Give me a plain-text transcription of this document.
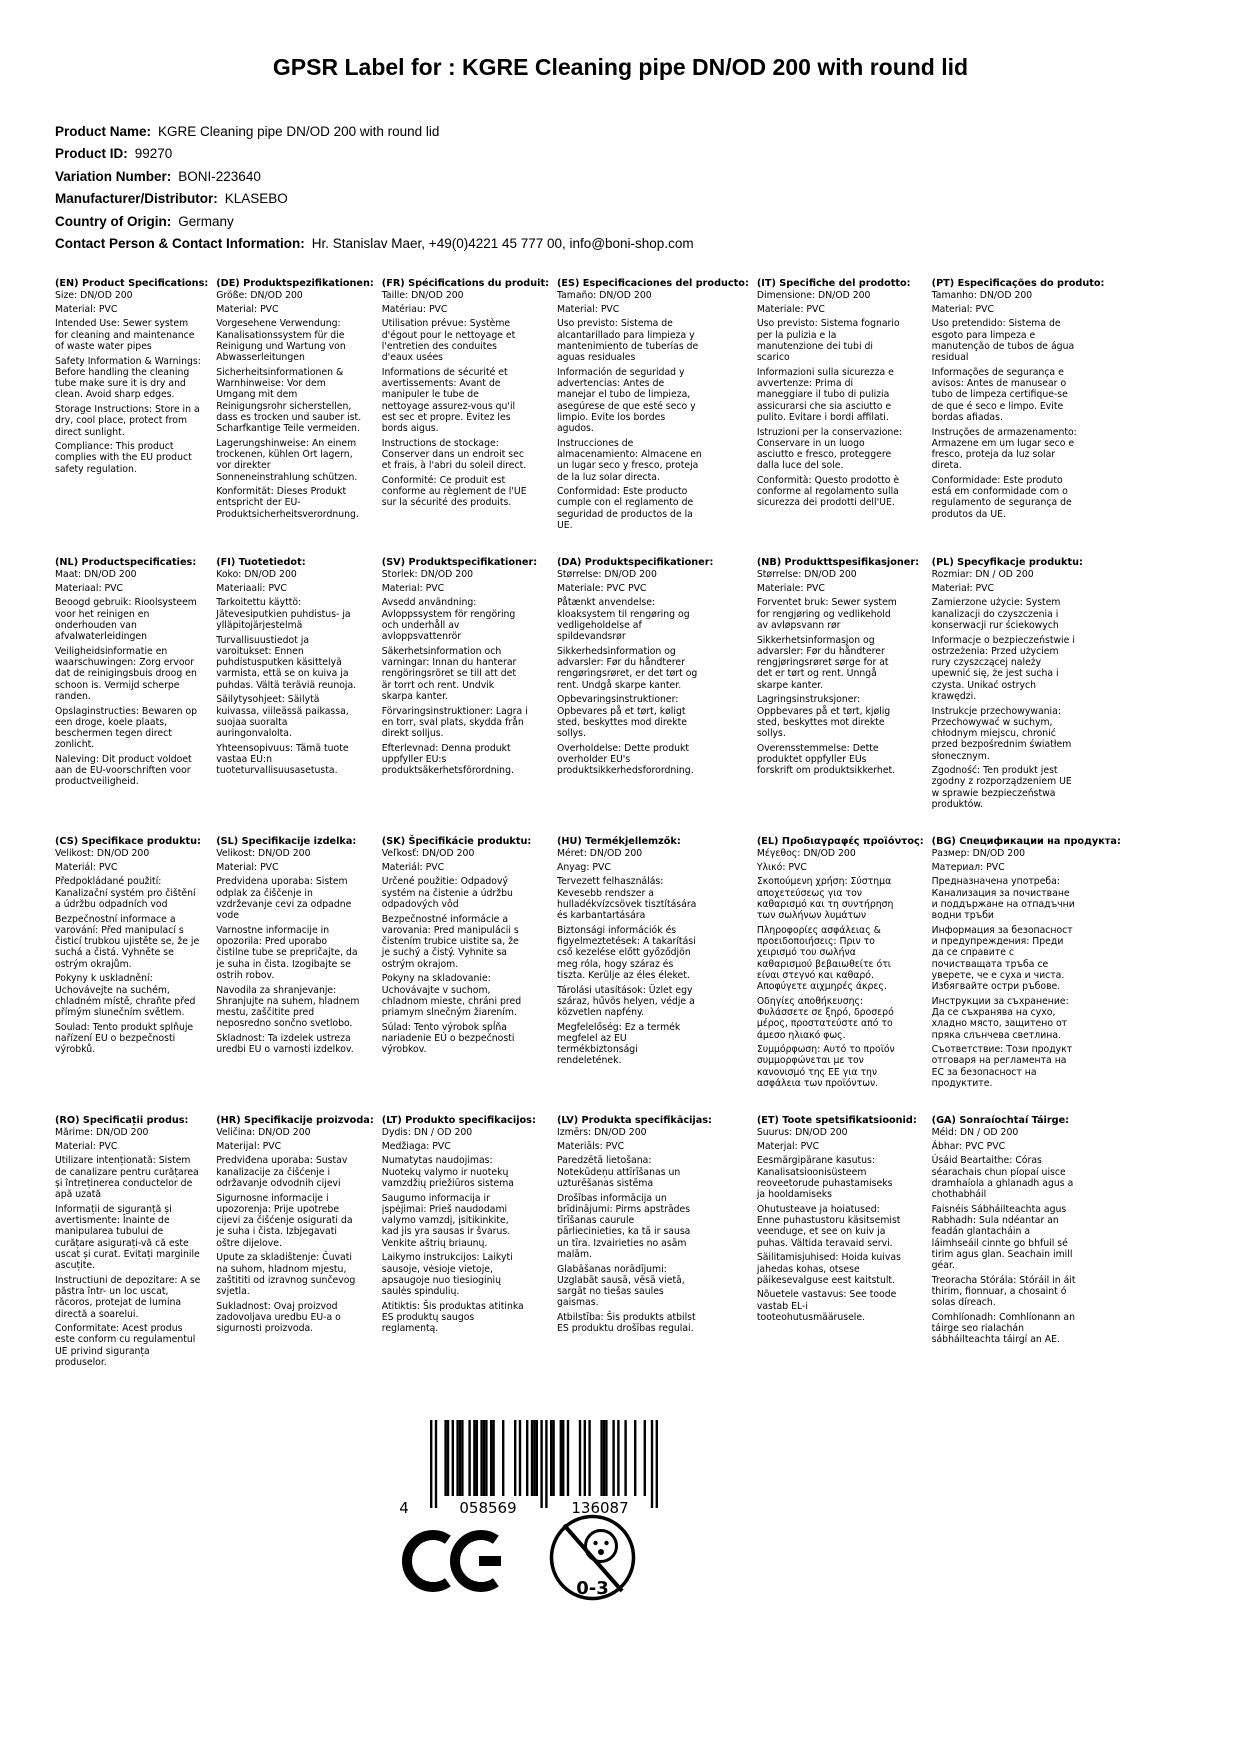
GPSR Label for : KGRE Cleaning pipe DN/OD 200 with round lid
Product Name: KGRE Cleaning pipe DN/OD 200 with round lid
Product ID: 99270
Variation Number: BONI-223640
Manufacturer/Distributor: KLASEBO
Country of Origin: Germany
Contact Person & Contact Information: Hr. Stanislav Maer, +49(0)4221 45 777 00, info@boni-shop.com
(EN) Product Specifications:
Size: DN/OD 200
Material: PVC
Intended Use: Sewer system for cleaning and maintenance of waste water pipes
Safety Information & Warnings: Before handling the cleaning tube make sure it is dry and clean. Avoid sharp edges.
Storage Instructions: Store in a dry, cool place, protect from direct sunlight.
Compliance: This product complies with the EU product safety regulation.
(DE) Produktspezifikationen:
Größe: DN/OD 200
Material: PVC
Vorgesehene Verwendung: Kanalisationssystem für die Reinigung und Wartung von Abwasserleitungen
Sicherheitsinformationen & Warnhinweise: Vor dem Umgang mit dem Reinigungsrohr sicherstellen, dass es trocken und sauber ist. Scharfkantige Teile vermeiden.
Lagerungshinweise: An einem trockenen, kühlen Ort lagern, vor direkter Sonneneinstrahlung schützen.
Konformität: Dieses Produkt entspricht der EU-Produktsicherheitsverordnung.
(FR) Spécifications du produit:
Taille: DN/OD 200
Matériau: PVC
Utilisation prévue: Système d'égout pour le nettoyage et l'entretien des conduites d'eaux usées
Informations de sécurité et avertissements: Avant de manipuler le tube de nettoyage assurez-vous qu'il est sec et propre. Évitez les bords aigus.
Instructions de stockage: Conserver dans un endroit sec et frais, à l'abri du soleil direct.
Conformité: Ce produit est conforme au règlement de l'UE sur la sécurité des produits.
(ES) Especificaciones del producto:
Tamaño: DN/OD 200
Material: PVC
Uso previsto: Sistema de alcantarillado para limpieza y mantenimiento de tuberías de aguas residuales
Información de seguridad y advertencias: Antes de manejar el tubo de limpieza, asegúrese de que esté seco y limpio. Evite los bordes agudos.
Instrucciones de almacenamiento: Almacene en un lugar seco y fresco, proteja de la luz solar directa.
Conformidad: Este producto cumple con el reglamento de seguridad de productos de la UE.
(IT) Specifiche del prodotto:
Dimensione: DN/OD 200
Materiale: PVC
Uso previsto: Sistema fognario per la pulizia e la manutenzione dei tubi di scarico
Informazioni sulla sicurezza e avvertenze: Prima di maneggiare il tubo di pulizia assicurarsi che sia asciutto e pulito. Evitare i bordi affilati.
Istruzioni per la conservazione: Conservare in un luogo asciutto e fresco, proteggere dalla luce del sole.
Conformità: Questo prodotto è conforme al regolamento sulla sicurezza dei prodotti dell'UE.
(PT) Especificações do produto:
Tamanho: DN/OD 200
Material: PVC
Uso pretendido: Sistema de esgoto para limpeza e manutenção de tubos de água residual
Informações de segurança e avisos: Antes de manusear o tubo de limpeza certifique-se de que é seco e limpo. Evite bordas afiadas.
Instruções de armazenamento: Armazene em um lugar seco e fresco, proteja da luz solar direta.
Conformidade: Este produto está em conformidade com o regulamento de segurança de produtos da UE.
(NL) Productspecificaties:
Maat: DN/OD 200
Materiaal: PVC
Beoogd gebruik: Rioolsysteem voor het reinigen en onderhouden van afvalwaterleidingen
Veiligheidsinformatie en waarschuwingen: Zorg ervoor dat de reinigingsbuis droog en schoon is. Vermijd scherpe randen.
Opslaginstructies: Bewaren op een droge, koele plaats, beschermen tegen direct zonlicht.
Naleving: Dit product voldoet aan de EU-voorschriften voor productveiligheid.
(FI) Tuotetiedot:
Koko: DN/OD 200
Materiaali: PVC
Tarkoitettu käyttö: Jätevesiputkien puhdistus- ja ylläpitojärjestelmä
Turvallisuustiedot ja varoitukset: Ennen puhdistusputken käsittelyä varmista, että se on kuiva ja puhdas. Vältä teräviä reunoja.
Säilytysohjeet: Säilytä kuivassa, viileässä paikassa, suojaa suoralta auringonvalolta.
Yhteensopivuus: Tämä tuote vastaa EU:n tuoteturvallisuusasetusta.
(SV) Produktspecifikationer:
Storlek: DN/OD 200
Material: PVC
Avsedd användning: Avloppssystem för rengöring och underhåll av avloppsvattenrör
Säkerhetsinformation och varningar: Innan du hanterar rengöringsröret se till att det är torrt och rent. Undvik skarpa kanter.
Förvaringsinstruktioner: Lagra i en torr, sval plats, skydda från direkt solljus.
Efterlevnad: Denna produkt uppfyller EU:s produktsäkerhetsförordning.
(DA) Produktspecifikationer:
Størrelse: DN/OD 200
Materiale: PVC PVC
Påtænkt anvendelse: kloaksystem til rengøring og vedligeholdelse af spildevandsrør
Sikkerhedsinformation og advarsler: Før du håndterer rengøringsrøret, er det tørt og rent. Undgå skarpe kanter.
Opbevaringsinstruktioner: Opbevares på et tørt, køligt sted, beskyttes mod direkte sollys.
Overholdelse: Dette produkt overholder EU's produktsikkerhedsforordning.
(NB) Produkttspesifikasjoner:
Størrelse: DN/OD 200
Materiale: PVC
Forventet bruk: Sewer system for rengjøring og vedlikehold av avløpsvann rør
Sikkerhetsinformasjon og advarsler: Før du håndterer rengjøringsrøret sørge for at det er tørt og rent. Unngå skarpe kanter.
Lagringsinstruksjoner: Oppbevares på et tørt, kjølig sted, beskyttes mot direkte sollys.
Overensstemmelse: Dette produktet oppfyller EUs forskrift om produktsikkerhet.
(PL) Specyfikacje produktu:
Rozmiar: DN / OD 200
Materiał: PVC
Zamierzone użycie: System kanalizacji do czyszczenia i konserwacji rur ściekowych
Informacje o bezpieczeństwie i ostrzeżenia: Przed użyciem rury czyszczącej należy upewnić się, że jest sucha i czysta. Unikać ostrych krawędzi.
Instrukcje przechowywania: Przechowywać w suchym, chłodnym miejscu, chronić przed bezpośrednim światłem słonecznym.
Zgodność: Ten produkt jest zgodny z rozporządzeniem UE w sprawie bezpieczeństwa produktów.
(CS) Specifikace produktu:
Velikost: DN/OD 200
Materiál: PVC
Předpokládané použití: Kanalizační systém pro čištění a údržbu odpadních vod
Bezpečnostní informace a varování: Před manipulací s čisticí trubkou ujistěte se, že je suchá a čistá. Vyhněte se ostrým okrajům.
Pokyny k uskladnění: Uchovávejte na suchém, chladném místě, chraňte před přímým slunečním světlem.
Soulad: Tento produkt splňuje nařízení EU o bezpečnosti výrobků.
(SL) Specifikacije izdelka:
Velikost: DN/OD 200
Material: PVC
Predvidena uporaba: Sistem odplak za čiščenje in vzdrževanje cevi za odpadne vode
Varnostne informacije in opozorila: Pred uporabo čistilne tube se prepričajte, da je suha in čista. Izogibajte se ostrih robov.
Navodila za shranjevanje: Shranjujte na suhem, hladnem mestu, zaščitite pred neposredno sončno svetlobo.
Skladnost: Ta izdelek ustreza uredbi EU o varnosti izdelkov.
(SK) Špecifikácie produktu:
Veľkosť: DN/OD 200
Materiál: PVC
Určené použitie: Odpadový systém na čistenie a údržbu odpadových vôd
Bezpečnostné informácie a varovania: Pred manipulácii s čistením trubice uistite sa, že je suchý a čistý. Vyhnite sa ostrým okrajom.
Pokyny na skladovanie: Uchovávajte v suchom, chladnom mieste, chráni pred priamym slnečným žiarením.
Súlad: Tento výrobok spĺňa nariadenie EÚ o bezpečnosti výrobkov.
(HU) Termékjellemzők:
Méret: DN/OD 200
Anyag: PVC
Tervezett felhasználás: Kevesebb rendszer a hulladékvízcsövek tisztítására és karbantartására
Biztonsági információk és figyelmeztetések: A takarítási cső kezelése előtt győződjön meg róla, hogy száraz és tiszta. Kerülje az éles éleket.
Tárolási utasítások: Üzlet egy száraz, hűvös helyen, védje a közvetlen napfény.
Megfelelőség: Ez a termék megfelel az EU termékbiztonsági rendeletének.
(EL) Προδιαγραφές προϊόντος:
Μέγεθος: DN/OD 200
Υλικό: PVC
Σκοπούμενη χρήση: Σύστημα αποχετεύσεως για τον καθαρισμό και τη συντήρηση των σωλήνων λυμάτων
Πληροφορίες ασφάλειας & προειδοποιήσεις: Πριν το χειρισμό του σωλήνα καθαρισμού βεβαιωθείτε ότι είναι στεγνό και καθαρό. Αποφύγετε αιχμηρές άκρες.
Οδηγίες αποθήκευσης: Φυλάσσετε σε ξηρό, δροσερό μέρος, προστατεύστε από το άμεσο ηλιακό φως.
Συμμόρφωση: Αυτό το προϊόν συμμορφώνεται με τον κανονισμό της ΕΕ για την ασφάλεια των προϊόντων.
(BG) Спецификации на продукта:
Размер: DN/OD 200
Материал: PVC
Предназначена употреба: Канализация за почистване и поддържане на отпадъчни водни тръби
Информация за безопасност и предупреждения: Преди да се справите с почистващата тръба се уверете, че е суха и чиста. Избягвайте остри ръбове.
Инструкции за съхранение: Да се съхранява на сухо, хладно място, защитено от пряка слънчева светлина.
Съответствие: Този продукт отговаря на регламента на ЕС за безопасност на продуктите.
(RO) Specificații produs:
Mărime: DN/OD 200
Material: PVC
Utilizare intenționată: Sistem de canalizare pentru curățarea și întreținerea conductelor de apă uzată
Informații de siguranță și avertismente: Înainte de manipularea tubului de curățare asigurați-vă că este uscat și curat. Evitați marginile ascuțite.
Instructiuni de depozitare: A se păstra într- un loc uscat, răcoros, protejat de lumina directă a soarelui.
Conformitate: Acest produs este conform cu regulamentul UE privind siguranța produselor.
(HR) Specifikacije proizvoda:
Veličina: DN/OD 200
Materijal: PVC
Predviđena uporaba: Sustav kanalizacije za čišćenje i održavanje odvodnih cijevi
Sigurnosne informacije i upozorenja: Prije upotrebe cijevi za čišćenje osigurati da je suha i čista. Izbjegavati oštre dijelove.
Upute za skladištenje: Čuvati na suhom, hladnom mjestu, zaštititi od izravnog sunčevog svjetla.
Sukladnost: Ovaj proizvod zadovoljava uredbu EU-a o sigurnosti proizvoda.
(LT) Produkto specifikacijos:
Dydis: DN / OD 200
Medžiaga: PVC
Numatytas naudojimas: Nuotekų valymo ir nuotekų vamzdžių priežiūros sistema
Saugumo informacija ir įspėjimai: Prieš naudodami valymo vamzdį, įsitikinkite, kad jis yra sausas ir švarus. Venkite aštrių briaunų.
Laikymo instrukcijos: Laikyti sausoje, vėsioje vietoje, apsaugoje nuo tiesioginių saulės spindulių.
Atitiktis: Šis produktas atitinka ES produktų saugos reglamentą.
(LV) Produkta specifikācijas:
Izmērs: DN/OD 200
Materiāls: PVC
Paredzētā lietošana: Notekūdeņu attīrīšanas un uzturēšanas sistēma
Drošības informācija un brīdinājumi: Pirms apstrādes tīrīšanas caurule pārliecinieties, ka tā ir sausa un tīra. Izvairieties no asām malām.
Glabāšanas norādījumi: Uzglabāt sausā, vēsā vietā, sargāt no tiešas saules gaismas.
Atbilstība: Šis produkts atbilst ES produktu drošības regulai.
(ET) Toote spetsifikatsioonid:
Suurus: DN/OD 200
Materjal: PVC
Eesmärgipärane kasutus: Kanalisatsioonisüsteem reoveetorude puhastamiseks ja hooldamiseks
Ohutusteave ja hoiatused: Enne puhastustoru käsitsemist veenduge, et see on kuiv ja puhas. Vältida teravaid servi.
Säilitamisjuhised: Hoida kuivas jahedas kohas, otsese päikesevalguse eest kaitstult.
Nõuetele vastavus: See toode vastab EL-i tooteohutusmäärusele.
(GA) Sonraíochtaí Táirge:
Méid: DN / OD 200
Ábhar: PVC PVC
Úsáid Beartaithe: Córas séarachais chun píopaí uisce dramhaíola a ghlanadh agus a chothabháil
Faisnéis Sábháilteachta agus Rabhadh: Sula ndéantar an feadán glantacháin a láimhseáil cinnte go bhfuil sé tirim agus glan. Seachain imill géar.
Treoracha Stórála: Stóráil in áit thirim, fionnuar, a chosaint ó solas díreach.
Comhlíonadh: Comhlíonann an táirge seo rialachán sábháilteachta táirgí an AE.
4	058569	136087
0-3
